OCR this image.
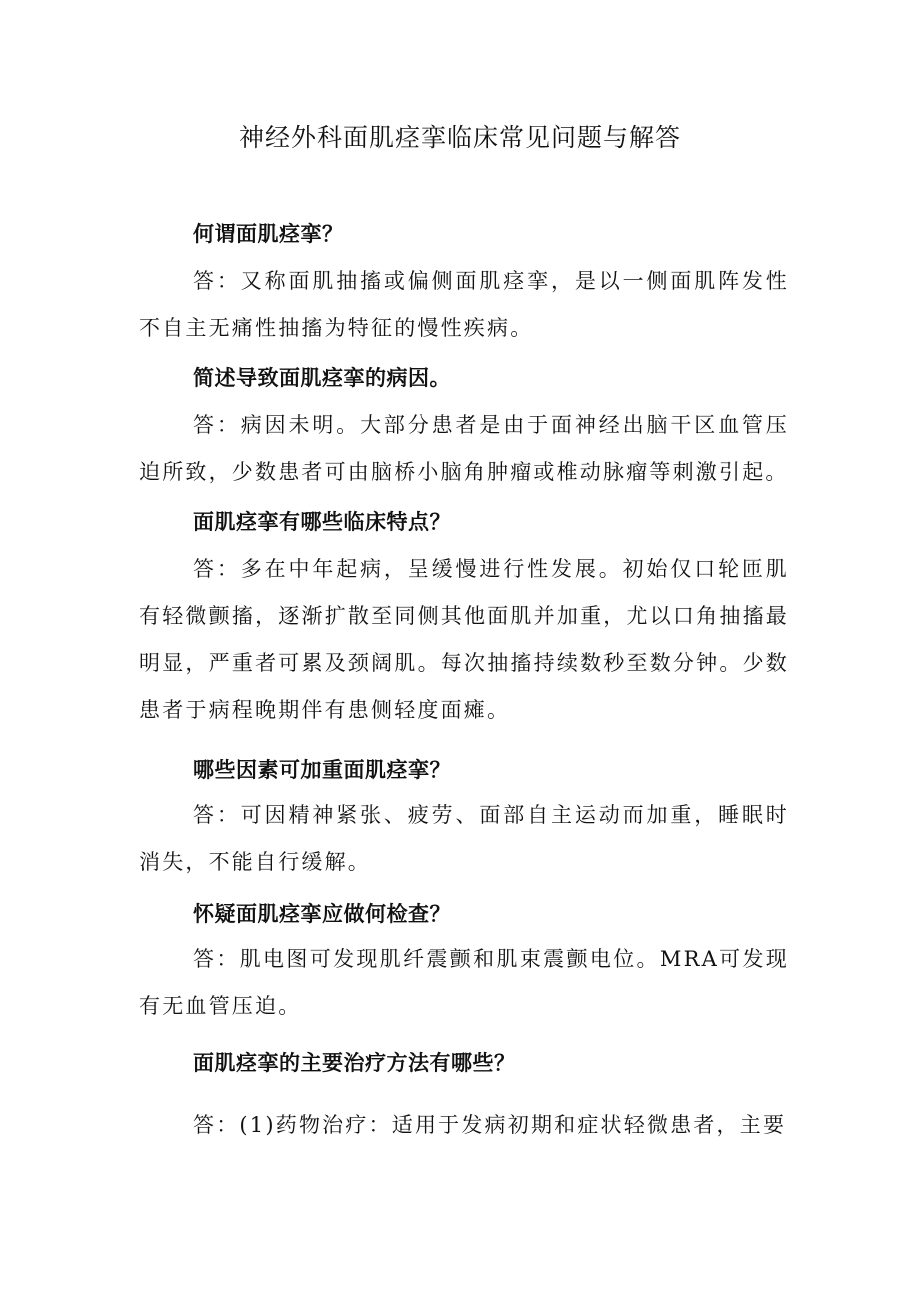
神经外科面肌痉挛临床常见问题与解答
何谓面肌痉挛？
答：又称面肌抽搐或偏侧面肌痉挛，是以一侧面肌阵发性不自主无痛性抽搐为特征的慢性疾病。
简述导致面肌痉挛的病因。
答：病因未明。大部分患者是由于面神经出脑干区血管压迫所致，少数患者可由脑桥小脑角肿瘤或椎动脉瘤等刺激引起。
面肌痉挛有哪些临床特点？
答：多在中年起病，呈缓慢进行性发展。初始仅口轮匝肌有轻微颤搐，逐渐扩散至同侧其他面肌并加重，尤以口角抽搐最明显，严重者可累及颈阔肌。每次抽搐持续数秒至数分钟。少数患者于病程晚期伴有患侧轻度面瘫。
哪些因素可加重面肌痉挛？
答：可因精神紧张、疲劳、面部自主运动而加重，睡眠时消失，不能自行缓解。
怀疑面肌痉挛应做何检查？
答：肌电图可发现肌纤震颤和肌束震颤电位。MRA可发现有无血管压迫。
面肌痉挛的主要治疗方法有哪些？
答：(1)药物治疗：适用于发病初期和症状轻微患者，主要
